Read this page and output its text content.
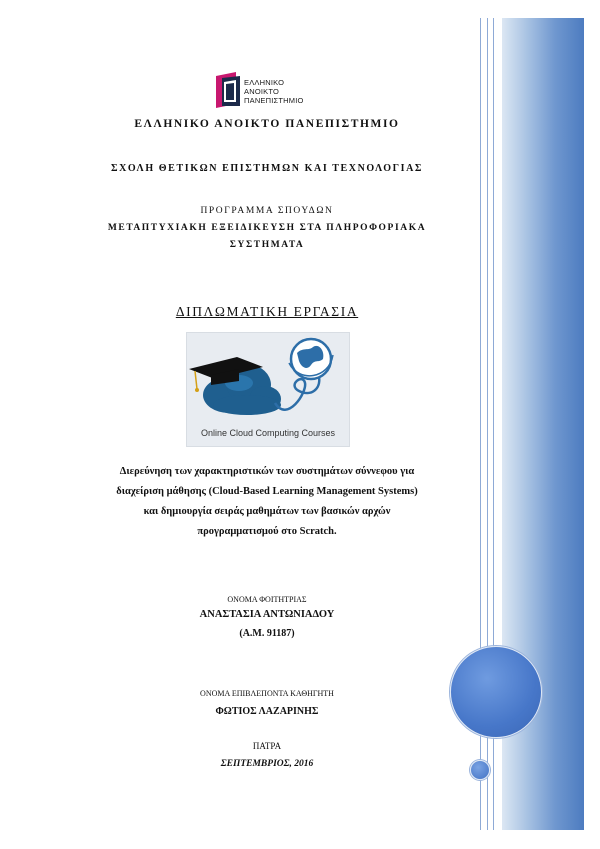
ΕΛΛΗΝΙΚΟ
ΑΝΟΙΚΤΟ
ΠΑΝΕΠΙΣΤΗΜΙΟ
ΕΛΛΗΝΙΚΟ ΑΝΟΙΚΤΟ ΠΑΝΕΠΙΣΤΗΜΙΟ
ΣΧΟΛΗ ΘΕΤΙΚΩΝ ΕΠΙΣΤΗΜΩΝ ΚΑΙ ΤΕΧΝΟΛΟΓΙΑΣ
ΠΡΟΓΡΑΜΜΑ ΣΠΟΥΔΩΝ
ΜΕΤΑΠΤΥΧΙΑΚΗ ΕΞΕΙΔΙΚΕΥΣΗ ΣΤΑ ΠΛΗΡΟΦΟΡΙΑΚΑ
ΣΥΣΤΗΜΑΤΑ
ΔΙΠΛΩΜΑΤΙΚΗ ΕΡΓΑΣΙΑ
Online Cloud Computing Courses
Διερεύνηση των χαρακτηριστικών των συστημάτων σύννεφου για
διαχείριση μάθησης (Cloud-Based Learning Management Systems)
και δημιουργία σειράς μαθημάτων των βασικών αρχών
προγραμματισμού στο Scratch.
ΟΝΟΜΑ ΦΟΙΤΗΤΡΙΑΣ
ΑΝΑΣΤΑΣΙΑ ΑΝΤΩΝΙΑΔΟΥ
(Α.Μ. 91187)
ΟΝΟΜΑ ΕΠΙΒΛΕΠΟΝΤΑ ΚΑΘΗΓΗΤΗ
ΦΩΤΙΟΣ ΛΑΖΑΡΙΝΗΣ
ΠΑΤΡΑ
ΣΕΠΤΕΜΒΡΙΟΣ, 2016
